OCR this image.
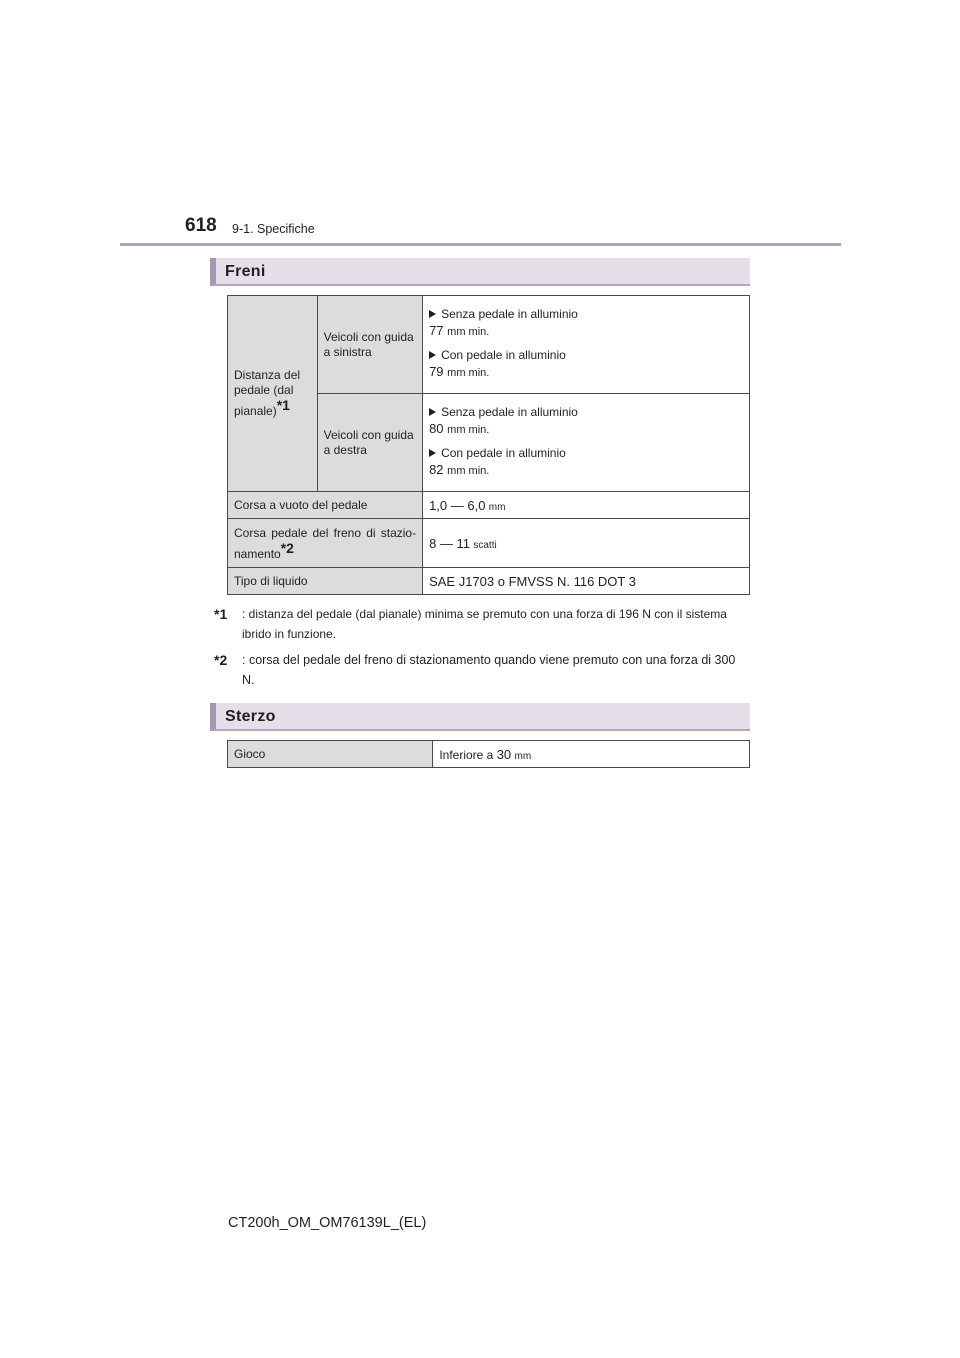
618 9-1. Specifiche
Freni
Distanza del pedale (dal pianale)$^{*1}$	Veicoli con guida a sinistra	Senza pedale in alluminio
77 mm min.
Con pedale in alluminio
79 mm min.

	Veicoli con guida a destra	Senza pedale in alluminio
80 mm min.
Con pedale in alluminio
82 mm min.

Corsa a vuoto del pedale		1,0 — 6,0 mm

Corsa pedale del freno di stazio-
namento$^{*2}$		8 — 11 scatti
Tipo di liquido		SAE J1703 o FMVSS N. 116 DOT 3
*1	: distanza del pedale (dal pianale) minima se premuto con una forza di 196 N con il sistema ibrido in funzione.
*2	: corsa del pedale del freno di stazionamento quando viene premuto con una forza di 300 N.
Sterzo
Gioco	Inferiore a 30 mm
CT200h_OM_OM76139L_(EL)
